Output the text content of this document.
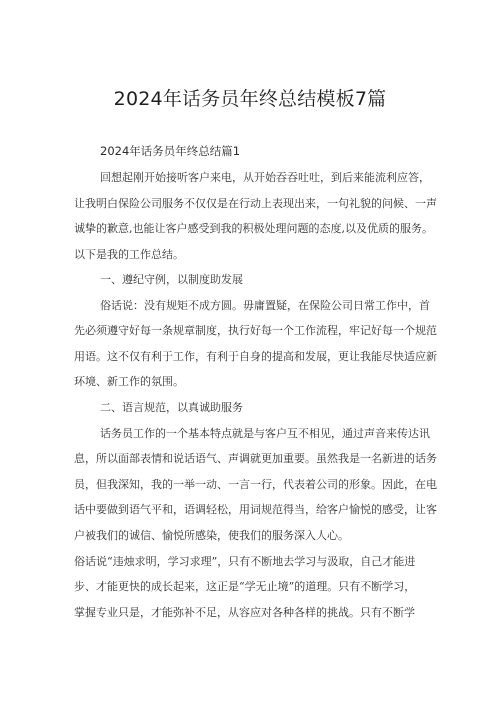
2024年话务员年终总结模板7篇
2024年话务员年终总结篇1
回想起刚开始接听客户来电，从开始吞吞吐吐，到后来能流利应答，
让我明白保险公司服务不仅仅是在行动上表现出来，一句礼貌的问候、一声
诚挚的歉意,也能让客户感受到我的积极处理问题的态度,以及优质的服务。
以下是我的工作总结。
一、遵纪守例，以制度助发展
俗话说：没有规矩不成方圆。毋庸置疑，在保险公司日常工作中，首
先必须遵守好每一条规章制度，执行好每一个工作流程，牢记好每一个规范
用语。这不仅有利于工作，有利于自身的提高和发展，更让我能尽快适应新
环境、新工作的氛围。
二、语言规范，以真诚助服务
话务员工作的一个基本特点就是与客户互不相见，通过声音来传达讯
息，所以面部表情和说话语气、声调就更加重要。虽然我是一名新进的话务
员，但我深知，我的一举一动、一言一行，代表着公司的形象。因此，在电
话中要做到语气平和，语调轻松，用词规范得当，给客户愉悦的感受，让客
户被我们的诚信、愉悦所感染，使我们的服务深入人心。
俗话说“违烛求明，学习求理”，只有不断地去学习与汲取，自己才能进
步、才能更快的成长起来，这正是“学无止境”的道理。只有不断学习，
掌握专业只是，才能弥补不足，从容应对各种各样的挑战。只有不断学
